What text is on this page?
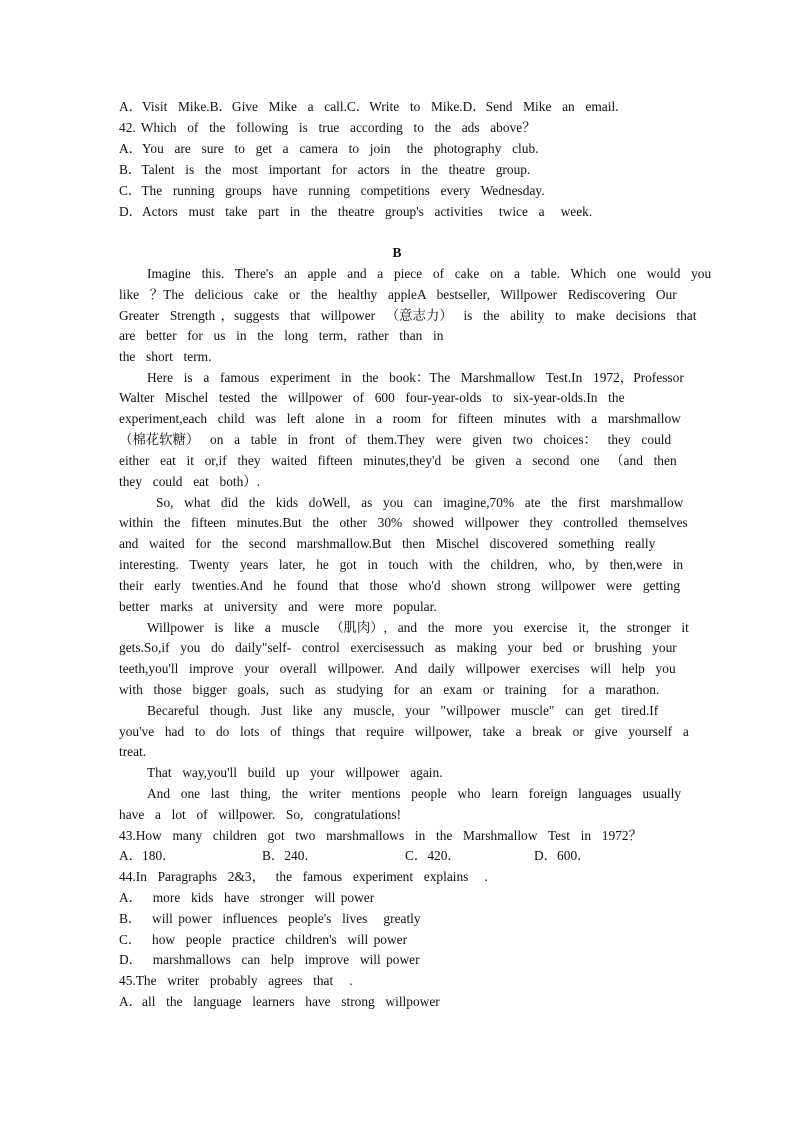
A．Visit  Mike.B．Give  Mike  a  call.C．Write  to  Mike.D．Send  Mike  an  email.
42. Which  of  the  following  is  true  according  to  the  ads  above？
A．You  are  sure  to  get  a  camera  to  join   the  photography  club.
B．Talent  is  the  most  important  for  actors  in  the  theatre  group.
C．The  running  groups  have  running  competitions  every  Wednesday.
D．Actors  must  take  part  in  the  theatre  group's  activities   twice  a   week.
B
Imagine  this.  There's  an  apple  and  a  piece  of  cake  on  a  table.  Which  one  would  you
like  ？The  delicious  cake  or  the  healthy  appleA  bestseller,  Willpower  Rediscovering  Our
Greater  Strength ，suggests  that  willpower  （意志力）  is  the  ability  to  make  decisions  that
are  better  for  us  in  the  long  term,  rather  than  in
the  short  term.
Here  is  a  famous  experiment  in  the  book：The  Marshmallow  Test.In  1972，Professor
Walter  Mischel  tested  the  willpower  of  600  four-year-olds  to  six-year-olds.In  the
experiment,each  child  was  left  alone  in  a  room  for  fifteen  minutes  with  a  marshmallow
（棉花软糖）  on  a  table  in  front  of  them.They  were  given  two  choices：  they  could
either  eat  it  or,if  they  waited  fifteen  minutes,they'd  be  given  a  second  one  （and  then
they  could  eat  both）.
So,  what  did  the  kids  doWell,  as  you  can  imagine,70%  ate  the  first  marshmallow
within  the  fifteen  minutes.But  the  other  30%  showed  willpower  they  controlled  themselves
and  waited  for  the  second  marshmallow.But  then  Mischel  discovered  something  really
interesting.  Twenty  years  later,  he  got  in  touch  with  the  children,  who,  by  then,were  in
their  early  twenties.And  he  found  that  those  who'd  shown  strong  willpower  were  getting
better  marks  at  university  and  were  more  popular.
Willpower  is  like  a  muscle  （肌肉）,  and  the  more  you  exercise  it,  the  stronger  it
gets.So,if  you  do  daily"self-  control  exercisessuch  as  making  your  bed  or  brushing  your
teeth,you'll  improve  your  overall  willpower.  And  daily  willpower  exercises  will  help  you
with  those  bigger  goals,  such  as  studying  for  an  exam  or  training   for  a  marathon.
Becareful  though.  Just  like  any  muscle,  your  "willpower  muscle"  can  get  tired.If
you've  had  to  do  lots  of  things  that  require  willpower,  take  a  break  or  give  yourself  a
treat.
That  way,you'll  build  up  your  willpower  again.
And  one  last  thing,  the  writer  mentions  people  who  learn  foreign  languages  usually
have  a  lot  of  willpower.  So,  congratulations!
43.How  many  children  got  two  marshmallows  in  the  Marshmallow  Test  in  1972？
A．180．	B．240．	C．420．	D．600．
44.In  Paragraphs  2&3，  the  famous  experiment  explains   .
A．  more  kids  have  stronger  will power
B．  will power  influences  people's  lives   greatly
C．  how  people  practice  children's  will power
D．  marshmallows  can  help  improve  will power
45.The  writer  probably  agrees  that   .
A．all  the  language  learners  have  strong  willpower
